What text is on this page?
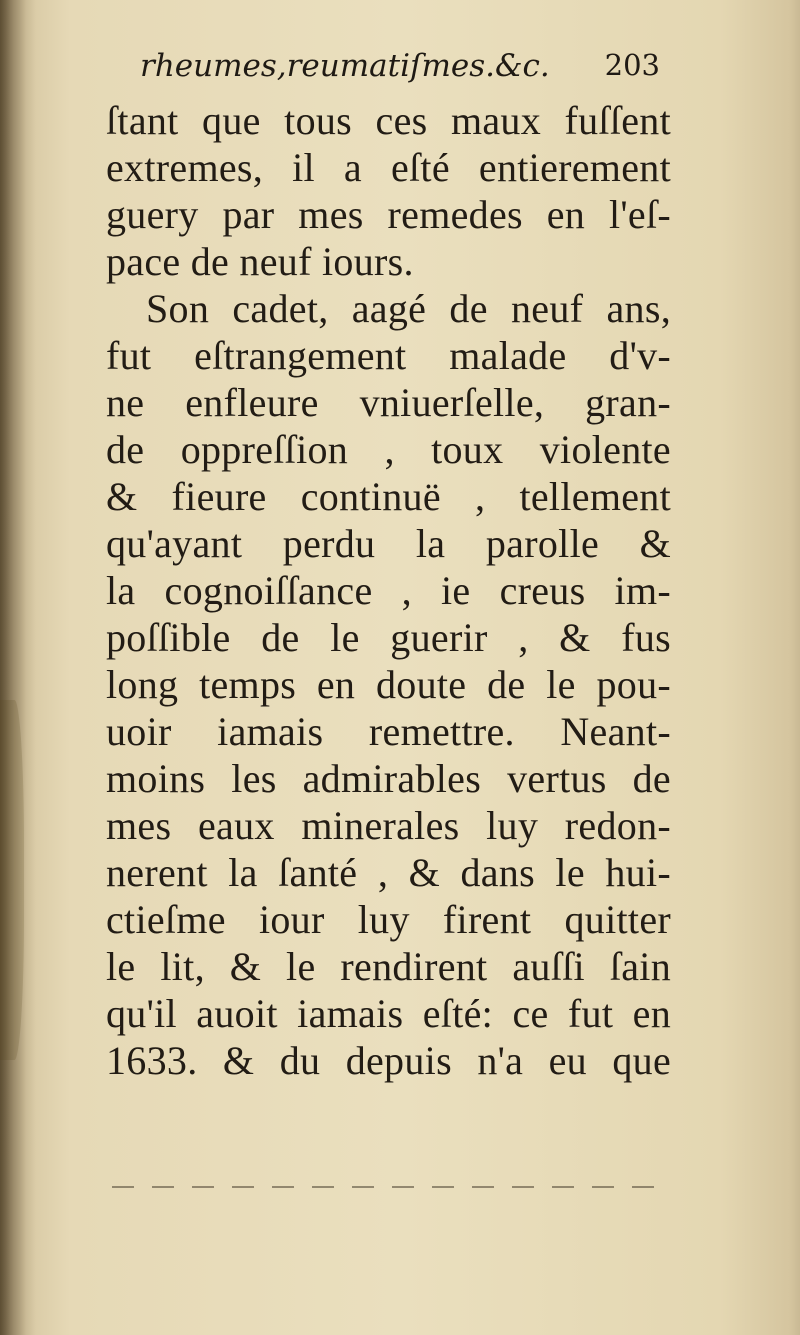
rheumes,reumatiſmes.&c. 203
ſtant que tous ces maux fuſſent
extremes, il a eſté entierement
guery par mes remedes en l'eſ-
pace de neuf iours.
Son cadet, aagé de neuf ans,
fut eſtrangement malade d'v-
ne enfleure vniuerſelle, gran-
de oppreſſion , toux violente
& fieure continuë , tellement
qu'ayant perdu la parolle &
la cognoiſſance , ie creus im-
poſſible de le guerir , & fus
long temps en doute de le pou-
uoir iamais remettre. Neant-
moins les admirables vertus de
mes eaux minerales luy redon-
nerent la ſanté , & dans le hui-
ctieſme iour luy firent quitter
le lit, & le rendirent auſſi ſain
qu'il auoit iamais eſté: ce fut en
1633. & du depuis n'a eu que
